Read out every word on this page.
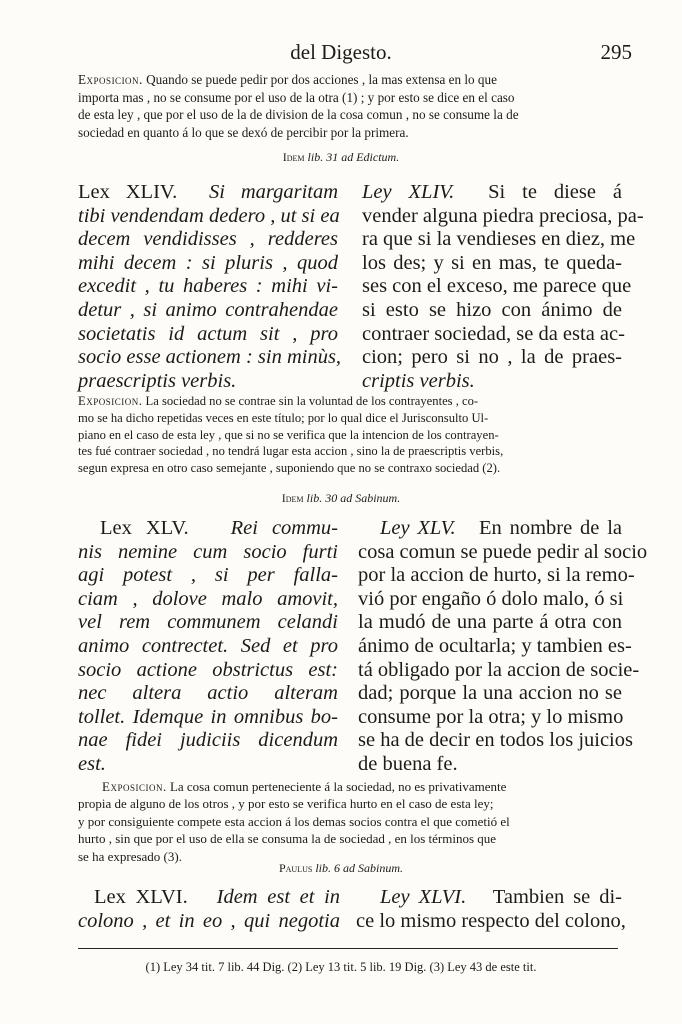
del Digesto.	295
Exposicion. Quando se puede pedir por dos acciones , la mas extensa en lo que
importa mas , no se consume por el uso de la otra (1) ; y por esto se dice en el caso
de esta ley , que por el uso de la de division de la cosa comun , no se consume la de
sociedad en quanto á lo que se dexó de percibir por la primera.
Idem lib. 31 ad Edictum.
Lex XLIV. Si margaritam
tibi vendendam dedero , ut si ea
decem vendidisses , redderes
mihi decem : si pluris , quod
excedit , tu haberes : mihi vi-
detur , si animo contrahendae
societatis id actum sit , pro
socio esse actionem : sin minùs,
praescriptis verbis.
Ley XLIV. Si te diese á
vender alguna piedra preciosa, pa-
ra que si la vendieses en diez, me
los des; y si en mas, te queda-
ses con el exceso, me parece que
si esto se hizo con ánimo de
contraer sociedad, se da esta ac-
cion; pero si no , la de praes-
criptis verbis.
Exposicion. La sociedad no se contrae sin la voluntad de los contrayentes , co-
mo se ha dicho repetidas veces en este título; por lo qual dice el Jurisconsulto Ul-
piano en el caso de esta ley , que si no se verifica que la intencion de los contrayen-
tes fué contraer sociedad , no tendrá lugar esta accion , sino la de praescriptis verbis,
segun expresa en otro caso semejante , suponiendo que no se contraxo sociedad (2).
Idem lib. 30 ad Sabinum.
Lex XLV. Rei commu-
nis nemine cum socio furti
agi potest , si per falla-
ciam , dolove malo amovit,
vel rem communem celandi
animo contrectet. Sed et pro
socio actione obstrictus est:
nec altera actio alteram
tollet. Idemque in omnibus bo-
nae fidei judiciis dicendum
est.
Ley XLV. En nombre de la
cosa comun se puede pedir al socio
por la accion de hurto, si la remo-
vió por engaño ó dolo malo, ó si
la mudó de una parte á otra con
ánimo de ocultarla; y tambien es-
tá obligado por la accion de socie-
dad; porque la una accion no se
consume por la otra; y lo mismo
se ha de decir en todos los juicios
de buena fe.
Exposicion. La cosa comun perteneciente á la sociedad, no es privativamente
propia de alguno de los otros , y por esto se verifica hurto en el caso de esta ley;
y por consiguiente compete esta accion á los demas socios contra el que cometió el
hurto , sin que por el uso de ella se consuma la de sociedad , en los términos que
se ha expresado (3).
Paulus lib. 6 ad Sabinum.
Lex XLVI. Idem est et in
colono , et in eo , qui negotia
Ley XLVI. Tambien se di-
ce lo mismo respecto del colono,
(1) Ley 34 tit. 7 lib. 44 Dig. (2) Ley 13 tit. 5 lib. 19 Dig. (3) Ley 43 de este tit.
